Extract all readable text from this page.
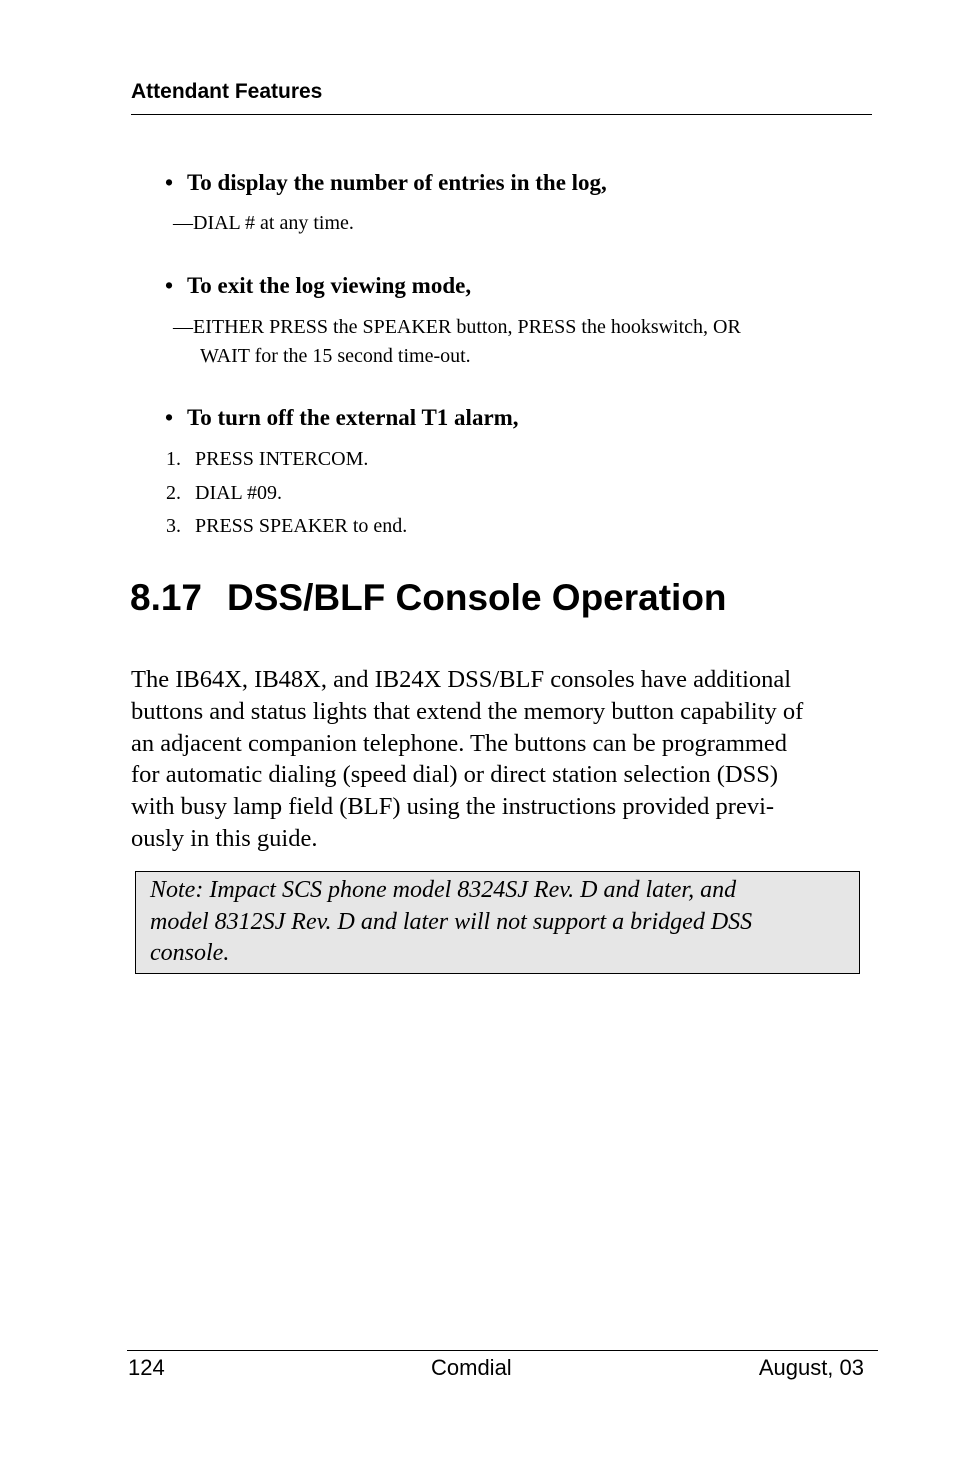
Attendant Features
• To display the number of entries in the log,
—DIAL # at any time.
• To exit the log viewing mode,
—EITHER PRESS the SPEAKER button, PRESS the hookswitch, OR
WAIT for the 15 second time-out.
• To turn off the external T1 alarm,
1. PRESS INTERCOM.
2. DIAL #09.
3. PRESS SPEAKER to end.
8.17 DSS/BLF Console Operation
The IB64X, IB48X, and IB24X DSS/BLF consoles have additional
buttons and status lights that extend the memory button capability of
an adjacent companion telephone. The buttons can be programmed
for automatic dialing (speed dial) or direct station selection (DSS)
with busy lamp field (BLF) using the instructions provided previ-
ously in this guide.
Note: Impact SCS phone model 8324SJ Rev. D and later, and
model 8312SJ Rev. D and later will not support a bridged DSS
console.
124	Comdial	August, 03
